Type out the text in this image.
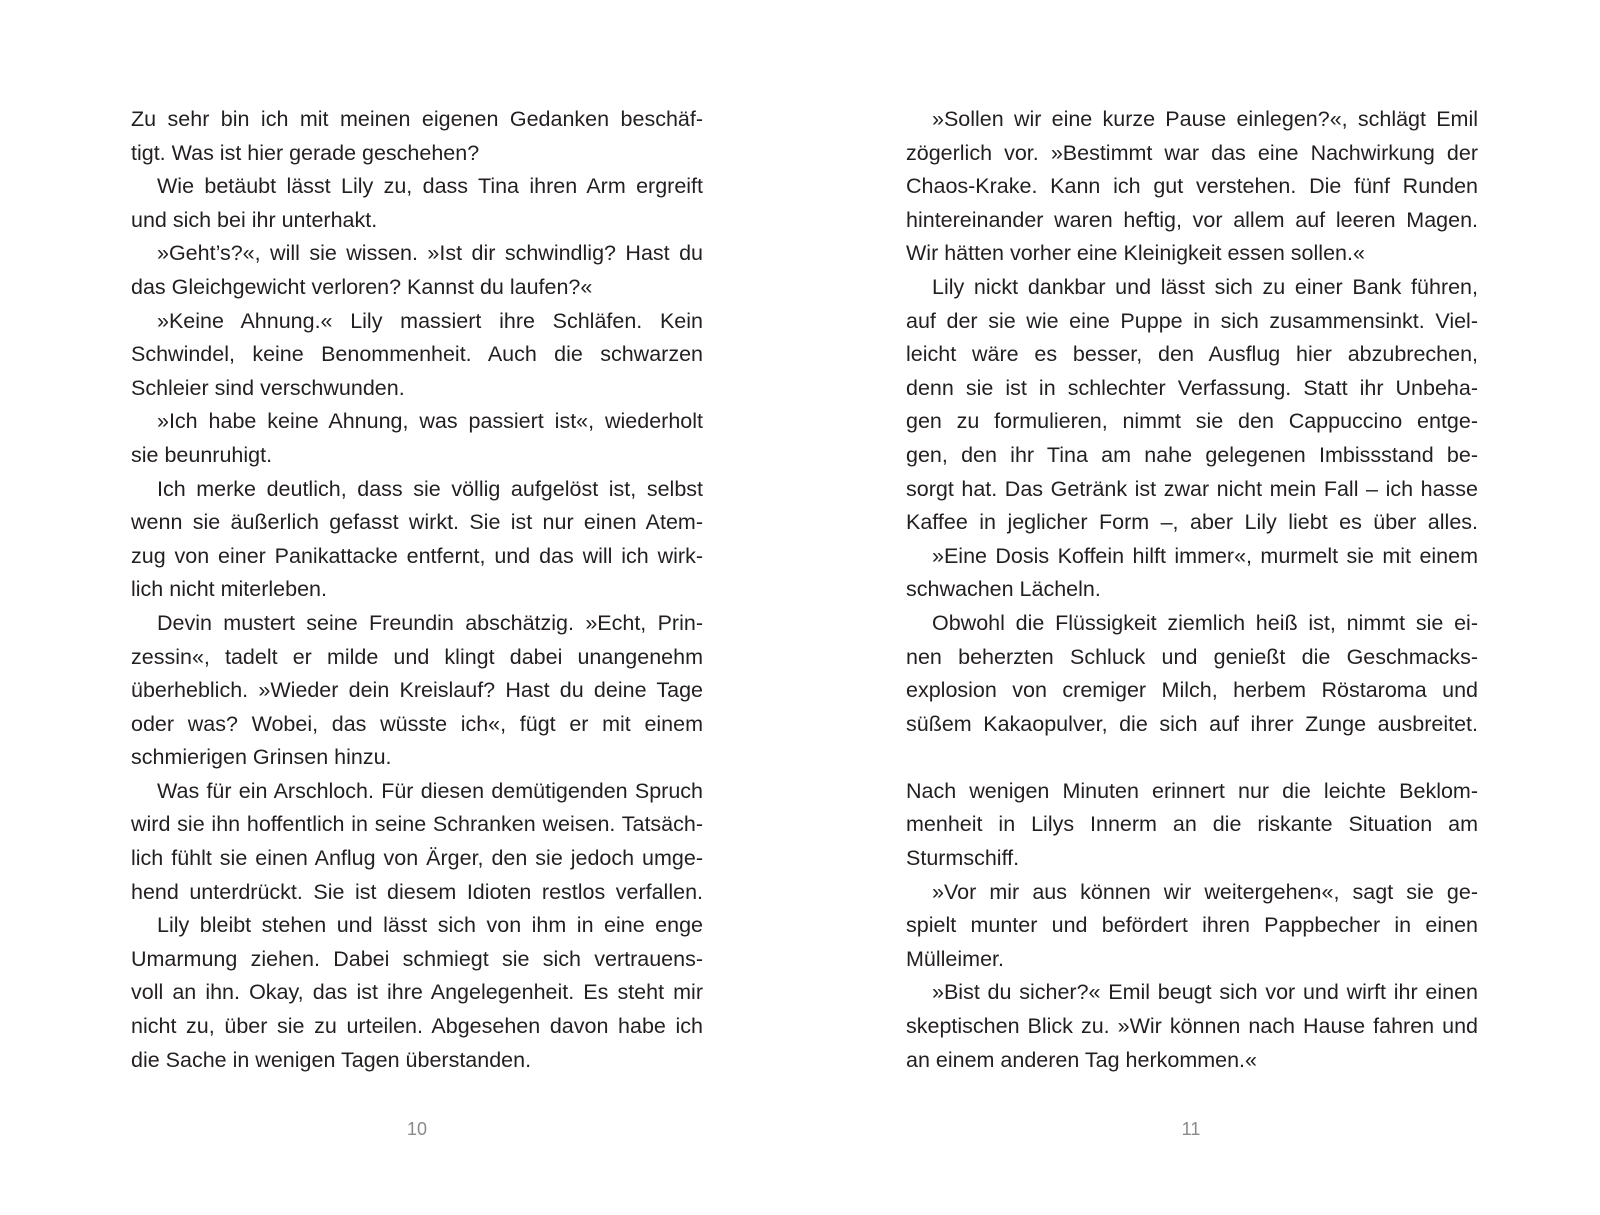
Zu sehr bin ich mit meinen eigenen Gedanken beschäf-
tigt. Was ist hier gerade geschehen?
Wie betäubt lässt Lily zu, dass Tina ihren Arm ergreift
und sich bei ihr unterhakt.
»Geht’s?«, will sie wissen. »Ist dir schwindlig? Hast du
das Gleichgewicht verloren? Kannst du laufen?«
»Keine Ahnung.« Lily massiert ihre Schläfen. Kein
Schwindel, keine Benommenheit. Auch die schwarzen
Schleier sind verschwunden.
»Ich habe keine Ahnung, was passiert ist«, wiederholt
sie beunruhigt.
Ich merke deutlich, dass sie völlig aufgelöst ist, selbst
wenn sie äußerlich gefasst wirkt. Sie ist nur einen Atem-
zug von einer Panikattacke entfernt, und das will ich wirk-
lich nicht miterleben.
Devin mustert seine Freundin abschätzig. »Echt, Prin-
zessin«, tadelt er milde und klingt dabei unangenehm
überheblich. »Wieder dein Kreislauf? Hast du deine Tage
oder was? Wobei, das wüsste ich«, fügt er mit einem
schmierigen Grinsen hinzu.
Was für ein Arschloch. Für diesen demütigenden Spruch
wird sie ihn hoffentlich in seine Schranken weisen. Tatsäch-
lich fühlt sie einen Anflug von Ärger, den sie jedoch umge-
hend unterdrückt. Sie ist diesem Idioten restlos verfallen.
Lily bleibt stehen und lässt sich von ihm in eine enge
Umarmung ziehen. Dabei schmiegt sie sich vertrauens-
voll an ihn. Okay, das ist ihre Angelegenheit. Es steht mir
nicht zu, über sie zu urteilen. Abgesehen davon habe ich
die Sache in wenigen Tagen überstanden.
»Sollen wir eine kurze Pause einlegen?«, schlägt Emil
zögerlich vor. »Bestimmt war das eine Nachwirkung der
Chaos-Krake. Kann ich gut verstehen. Die fünf Runden
hintereinander waren heftig, vor allem auf leeren Magen.
Wir hätten vorher eine Kleinigkeit essen sollen.«
Lily nickt dankbar und lässt sich zu einer Bank führen,
auf der sie wie eine Puppe in sich zusammensinkt. Viel-
leicht wäre es besser, den Ausflug hier abzubrechen,
denn sie ist in schlechter Verfassung. Statt ihr Unbeha-
gen zu formulieren, nimmt sie den Cappuccino entge-
gen, den ihr Tina am nahe gelegenen Imbissstand be-
sorgt hat. Das Getränk ist zwar nicht mein Fall – ich hasse
Kaffee in jeglicher Form –, aber Lily liebt es über alles.
»Eine Dosis Koffein hilft immer«, murmelt sie mit einem
schwachen Lächeln.
Obwohl die Flüssigkeit ziemlich heiß ist, nimmt sie ei-
nen beherzten Schluck und genießt die Geschmacks-
explosion von cremiger Milch, herbem Röstaroma und
süßem Kakaopulver, die sich auf ihrer Zunge ausbreitet.
Nach wenigen Minuten erinnert nur die leichte Beklom-
menheit in Lilys Innerm an die riskante Situation am
Sturmschiff.
»Vor mir aus können wir weitergehen«, sagt sie ge-
spielt munter und befördert ihren Pappbecher in einen
Mülleimer.
»Bist du sicher?« Emil beugt sich vor und wirft ihr einen
skeptischen Blick zu. »Wir können nach Hause fahren und
an einem anderen Tag herkommen.«
10	11
